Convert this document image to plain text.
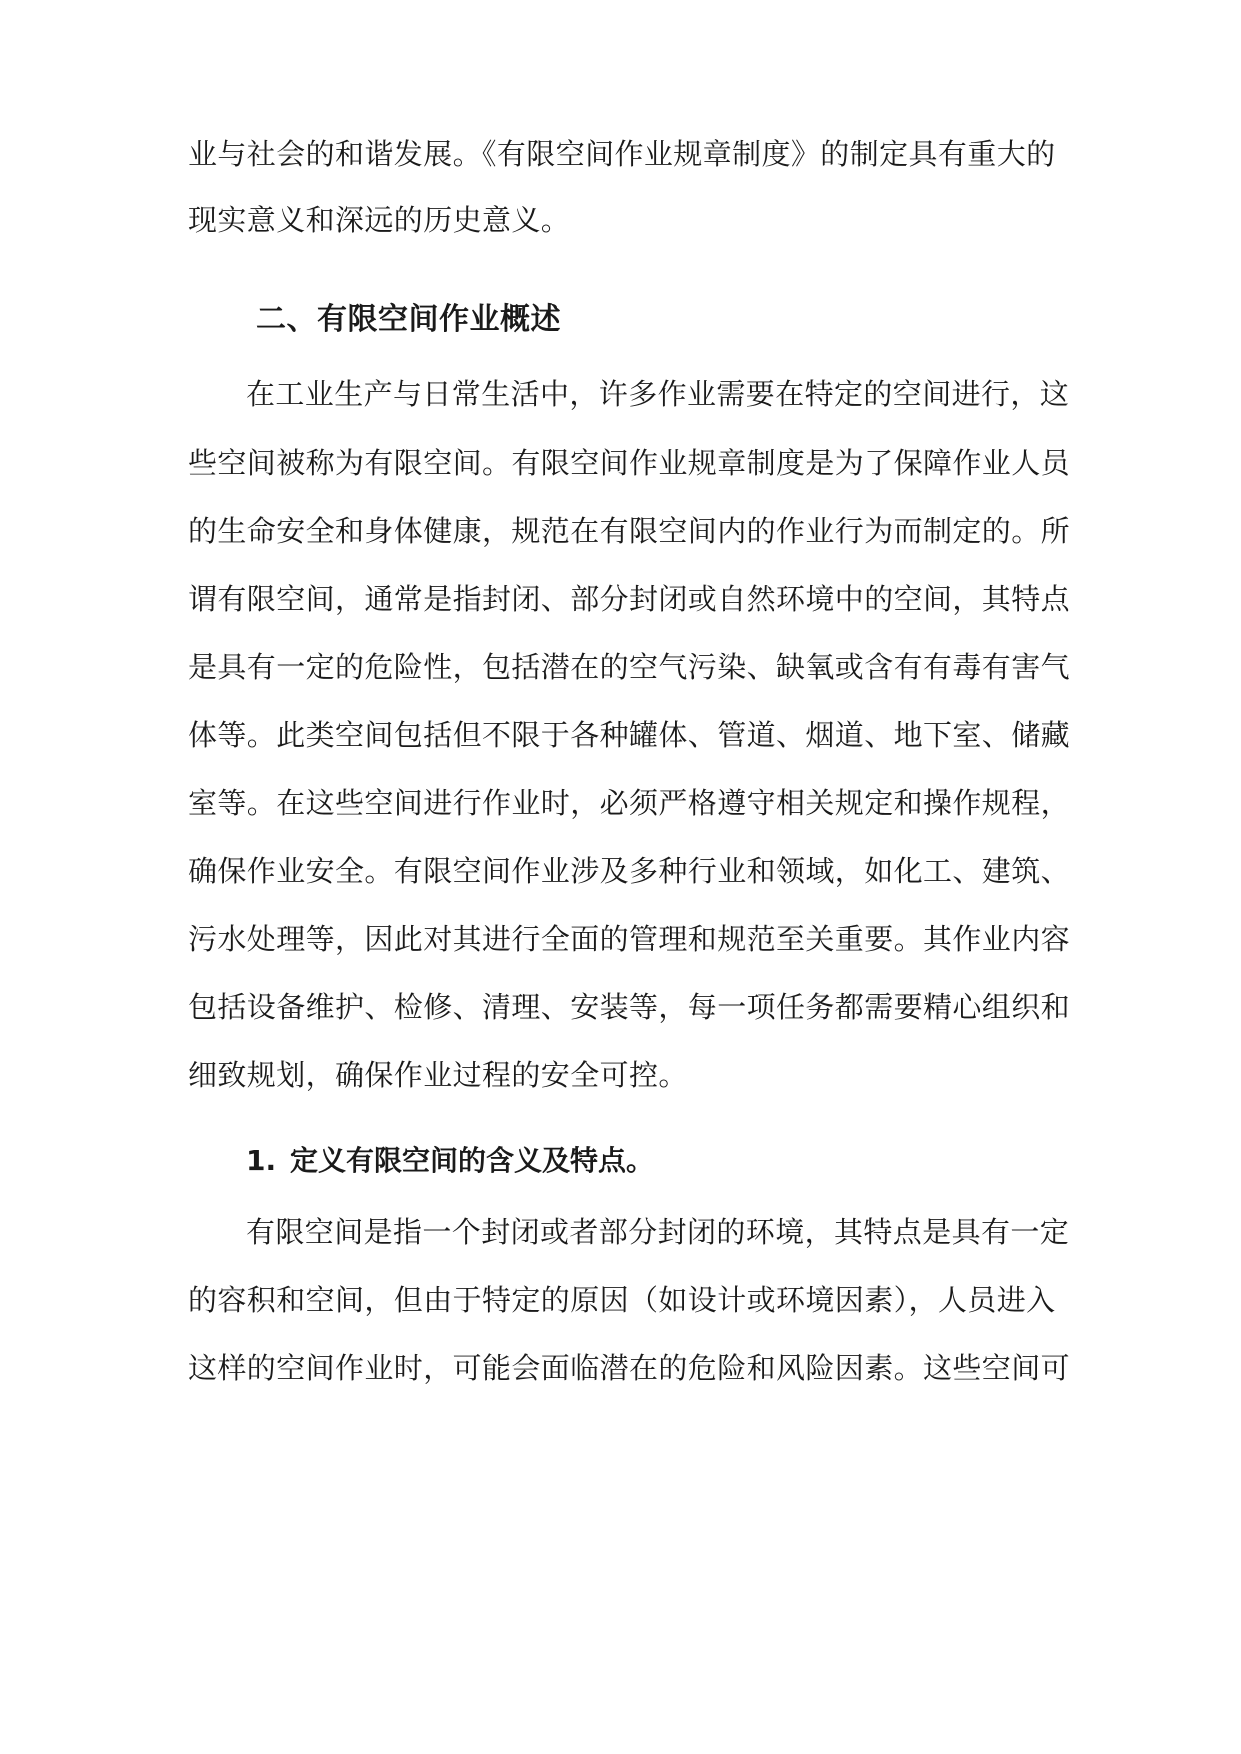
业与社会的和谐发展。《有限空间作业规章制度》的制定具有重大的
现实意义和深远的历史意义。
二、有限空间作业概述
在工业生产与日常生活中，许多作业需要在特定的空间进行，这
些空间被称为有限空间。有限空间作业规章制度是为了保障作业人员
的生命安全和身体健康，规范在有限空间内的作业行为而制定的。所
谓有限空间，通常是指封闭、部分封闭或自然环境中的空间，其特点
是具有一定的危险性，包括潜在的空气污染、缺氧或含有有毒有害气
体等。此类空间包括但不限于各种罐体、管道、烟道、地下室、储藏
室等。在这些空间进行作业时，必须严格遵守相关规定和操作规程，
确保作业安全。有限空间作业涉及多种行业和领域，如化工、建筑、
污水处理等，因此对其进行全面的管理和规范至关重要。其作业内容
包括设备维护、检修、清理、安装等，每一项任务都需要精心组织和
细致规划，确保作业过程的安全可控。
1. 定义有限空间的含义及特点。
有限空间是指一个封闭或者部分封闭的环境，其特点是具有一定
的容积和空间，但由于特定的原因（如设计或环境因素），人员进入
这样的空间作业时，可能会面临潜在的危险和风险因素。这些空间可
